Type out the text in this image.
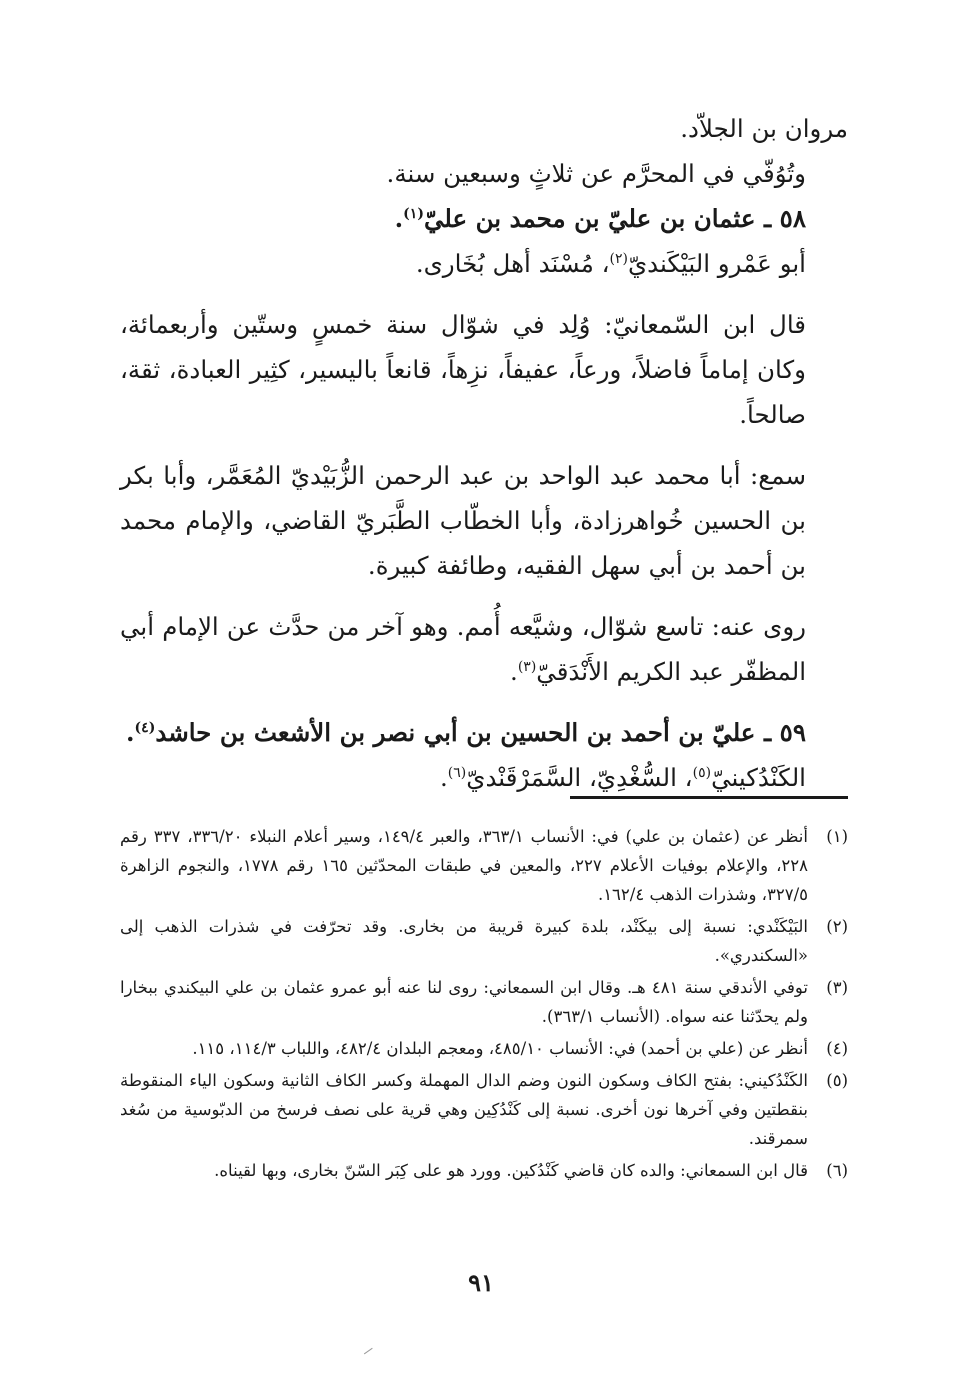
مروان بن الجلاّد.

وتُوُفّي في المحرَّم عن ثلاثٍ وسبعين سنة.

٥٨ ـ عثمان بن عليّ بن محمد بن عليّ$^{(١)}$.

أبو عَمْرو البَيْكَنديّ$^{(٢)}$، مُسْنَد أهل بُخَارى.

قال ابن السّمعانيّ: وُلِد في شوّال سنة خمسٍ وستّين وأربعمائة، وكان إماماً فاضلاً، ورعاً، عفيفاً، نزِهاً، قانعاً باليسير، كثِير العبادة، ثقة، صالحاً.

سمع: أبا محمد عبد الواحد بن عبد الرحمن الزُّبَيْديّ المُعَمَّر، وأبا بكر بن الحسين خُواهرزادة، وأبا الخطّاب الطَّبَريّ القاضي، والإمام محمد بن أحمد بن أبي سهل الفقيه، وطائفة كبيرة.

روى عنه: تاسع شوّال، وشيَّعه أُمم. وهو آخر من حدَّث عن الإمام أبي المظفّر عبد الكريم الأَنْدَقيّ$^{(٣)}$.

٥٩ ـ عليّ بن أحمد بن الحسين بن أبي نصر بن الأشعث بن حاشد$^{(٤)}$.

الكَنْدُكينيّ$^{(٥)}$، السُّغْدِيّ، السَّمَرْقَنْديّ$^{(٦)}$.

(١)
أنظر عن (عثمان بن علي) في: الأنساب ٣٦٣/١، والعبر ١٤٩/٤، وسير أعلام النبلاء ٣٣٦/٢٠، ٣٣٧ رقم ٢٢٨، والإعلام بوفيات الأعلام ٢٢٧، والمعين في طبقات المحدّثين ١٦٥ رقم ١٧٧٨، والنجوم الزاهرة ٣٢٧/٥، وشذرات الذهب ١٦٢/٤.
(٢)
البَيْكَنْدي: نسبة إلى بيكَنْد، بلدة كبيرة قريبة من بخارى. وقد تحرّفت في شذرات الذهب إلى «السكندري».
(٣)
توفي الأندقي سنة ٤٨١ هـ. وقال ابن السمعاني: روى لنا عنه أبو عمرو عثمان بن علي البيكندي ببخارا ولم يحدّثنا عنه سواه. (الأنساب ٣٦٣/١).
(٤)
أنظر عن (علي بن أحمد) في: الأنساب ٤٨٥/١٠، ومعجم البلدان ٤٨٢/٤، واللباب ١١٤/٣، ١١٥.
(٥)
الكَنْدُكيني: بفتح الكاف وسكون النون وضم الدال المهملة وكسر الكاف الثانية وسكون الياء المنقوطة بنقطتين وفي آخرها نون أخرى. نسبة إلى كَنْدُكِين وهي قرية على نصف فرسخ من الدبّوسية من سُغد سمرقند.
(٦)
قال ابن السمعاني: والده كان قاضي كَنْدُكين. وورد هو على كِبَر السّنّ بخارى، وبها لقيناه.
٩١
